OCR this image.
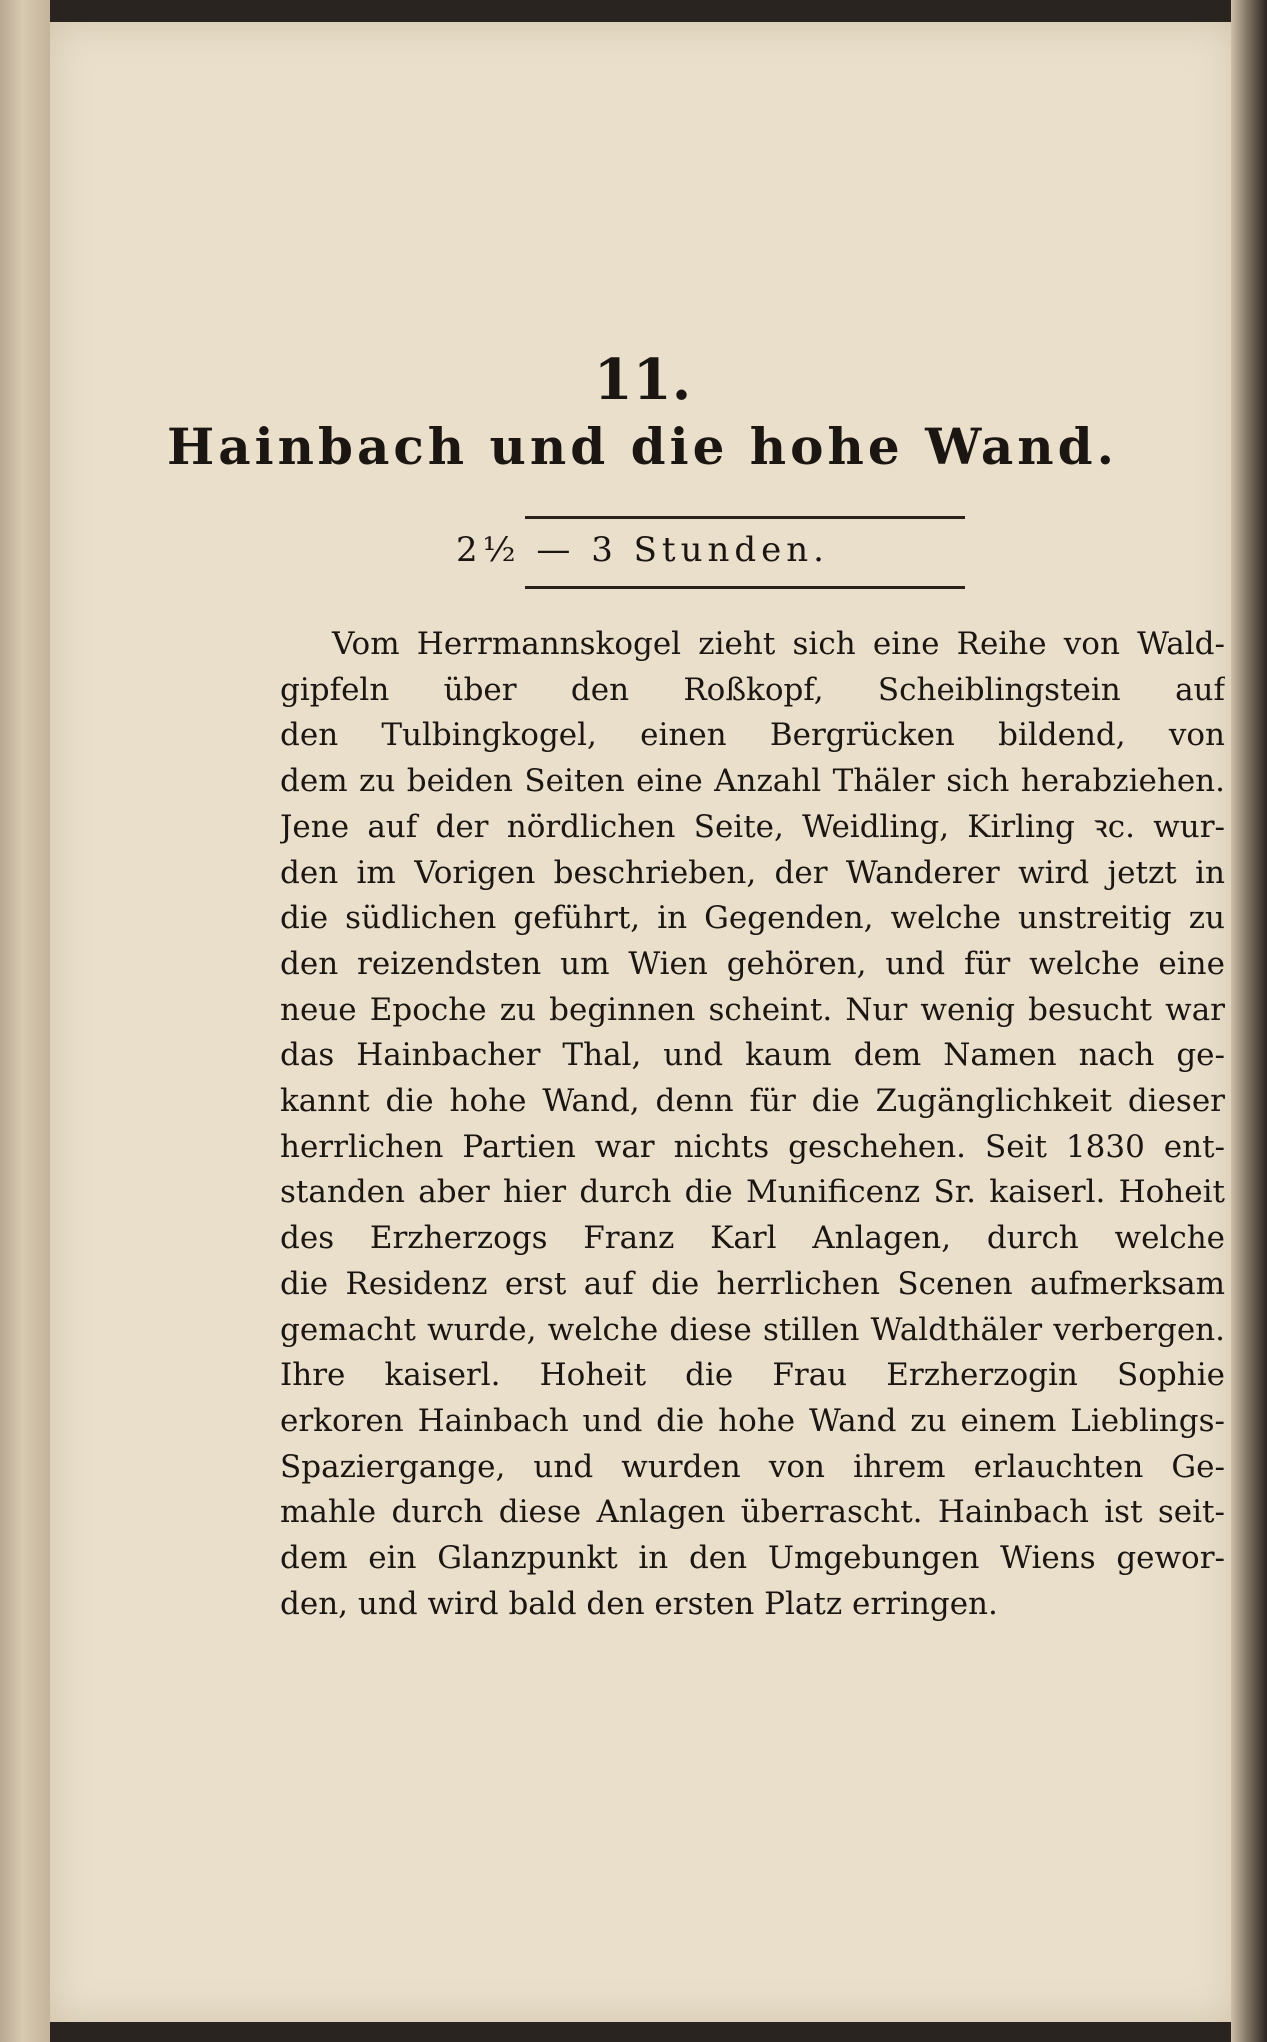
11.
Hainbach und die hohe Wand.
2½ — 3 Stunden.
Vom Herrmannskogel zieht sich eine Reihe von Wald-
gipfeln über den Roßkopf, Scheiblingstein auf
den Tulbingkogel, einen Bergrücken bildend, von
dem zu beiden Seiten eine Anzahl Thäler sich herabziehen.
Jene auf der nördlichen Seite, Weidling, Kirling ꝛc. wur-
den im Vorigen beschrieben, der Wanderer wird jetzt in
die südlichen geführt, in Gegenden, welche unstreitig zu
den reizendsten um Wien gehören, und für welche eine
neue Epoche zu beginnen scheint. Nur wenig besucht war
das Hainbacher Thal, und kaum dem Namen nach ge-
kannt die hohe Wand, denn für die Zugänglichkeit dieser
herrlichen Partien war nichts geschehen. Seit 1830 ent-
standen aber hier durch die Munificenz Sr. kaiserl. Hoheit
des Erzherzogs Franz Karl Anlagen, durch welche
die Residenz erst auf die herrlichen Scenen aufmerksam
gemacht wurde, welche diese stillen Waldthäler verbergen.
Ihre kaiserl. Hoheit die Frau Erzherzogin Sophie
erkoren Hainbach und die hohe Wand zu einem Lieblings-
Spaziergange, und wurden von ihrem erlauchten Ge-
mahle durch diese Anlagen überrascht. Hainbach ist seit-
dem ein Glanzpunkt in den Umgebungen Wiens gewor-
den, und wird bald den ersten Platz erringen.
